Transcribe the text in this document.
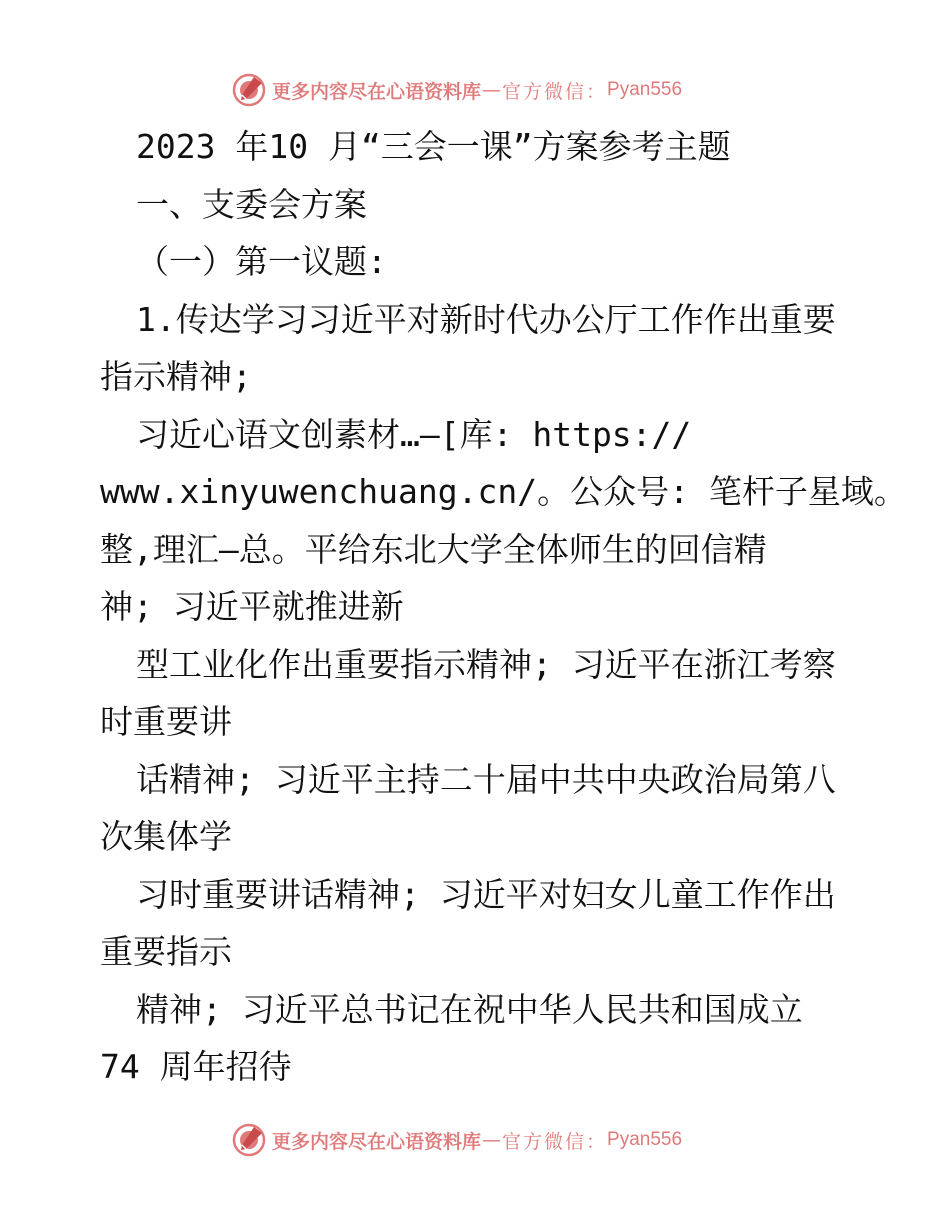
更多内容尽在心语资料库 — 官方微信： Pyan556
2023 年10 月“三会一课”方案参考主题
一、支委会方案
（一）第一议题:
1.传达学习习近平对新时代办公厅工作作出重要
指示精神;
习近心语文创素材…—[库: https://
www.xinyuwenchuang.cn/。公众号: 笔杆子星域。
整,理汇—总。平给东北大学全体师生的回信精
神; 习近平就推进新
型工业化作出重要指示精神; 习近平在浙江考察
时重要讲
话精神; 习近平主持二十届中共中央政治局第八
次集体学
习时重要讲话精神; 习近平对妇女儿童工作作出
重要指示
精神; 习近平总书记在祝中华人民共和国成立
74 周年招待
更多内容尽在心语资料库 — 官方微信： Pyan556
